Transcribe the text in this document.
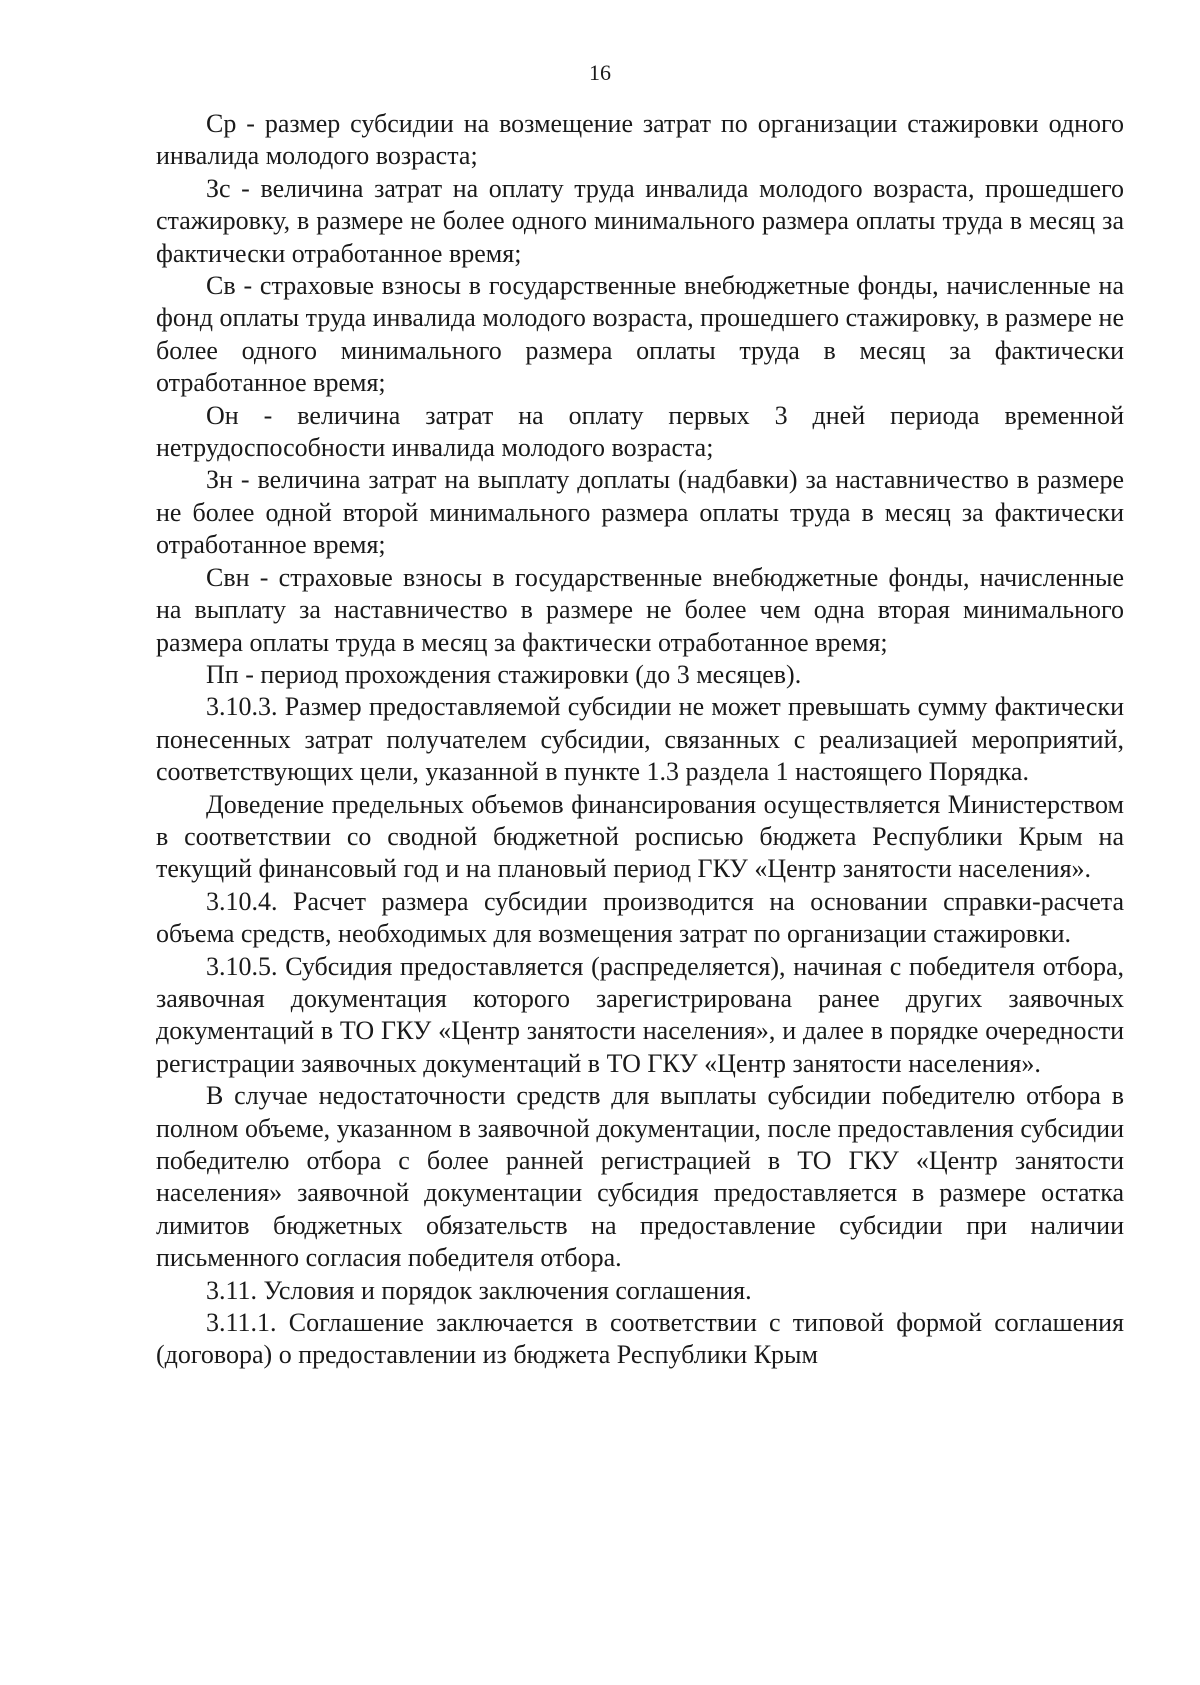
16

Ср - размер субсидии на возмещение затрат по организации стажировки одного инвалида молодого возраста;

Зс - величина затрат на оплату труда инвалида молодого возраста, прошедшего стажировку, в размере не более одного минимального размера оплаты труда в месяц за фактически отработанное время;

Св - страховые взносы в государственные внебюджетные фонды, начисленные на фонд оплаты труда инвалида молодого возраста, прошедшего стажировку, в размере не более одного минимального размера оплаты труда в месяц за фактически отработанное время;

Он - величина затрат на оплату первых 3 дней периода временной нетрудоспособности инвалида молодого возраста;

Зн - величина затрат на выплату доплаты (надбавки) за наставничество в размере не более одной второй минимального размера оплаты труда в месяц за фактически отработанное время;

Свн - страховые взносы в государственные внебюджетные фонды, начисленные на выплату за наставничество в размере не более чем одна вторая минимального размера оплаты труда в месяц за фактически отработанное время;

Пп - период прохождения стажировки (до 3 месяцев).

3.10.3. Размер предоставляемой субсидии не может превышать сумму фактически понесенных затрат получателем субсидии, связанных с реализацией мероприятий, соответствующих цели, указанной в пункте 1.3 раздела 1 настоящего Порядка.

Доведение предельных объемов финансирования осуществляется Министерством в соответствии со сводной бюджетной росписью бюджета Республики Крым на текущий финансовый год и на плановый период ГКУ «Центр занятости населения».

3.10.4. Расчет размера субсидии производится на основании справки-расчета объема средств, необходимых для возмещения затрат по организации стажировки.

3.10.5. Субсидия предоставляется (распределяется), начиная с победителя отбора, заявочная документация которого зарегистрирована ранее других заявочных документаций в ТО ГКУ «Центр занятости населения», и далее в порядке очередности регистрации заявочных документаций в ТО ГКУ «Центр занятости населения».

В случае недостаточности средств для выплаты субсидии победителю отбора в полном объеме, указанном в заявочной документации, после предоставления субсидии победителю отбора с более ранней регистрацией в ТО ГКУ «Центр занятости населения» заявочной документации субсидия предоставляется в размере остатка лимитов бюджетных обязательств на предоставление субсидии при наличии письменного согласия победителя отбора.

3.11. Условия и порядок заключения соглашения.

3.11.1. Соглашение заключается в соответствии с типовой формой соглашения (договора) о предоставлении из бюджета Республики Крым
